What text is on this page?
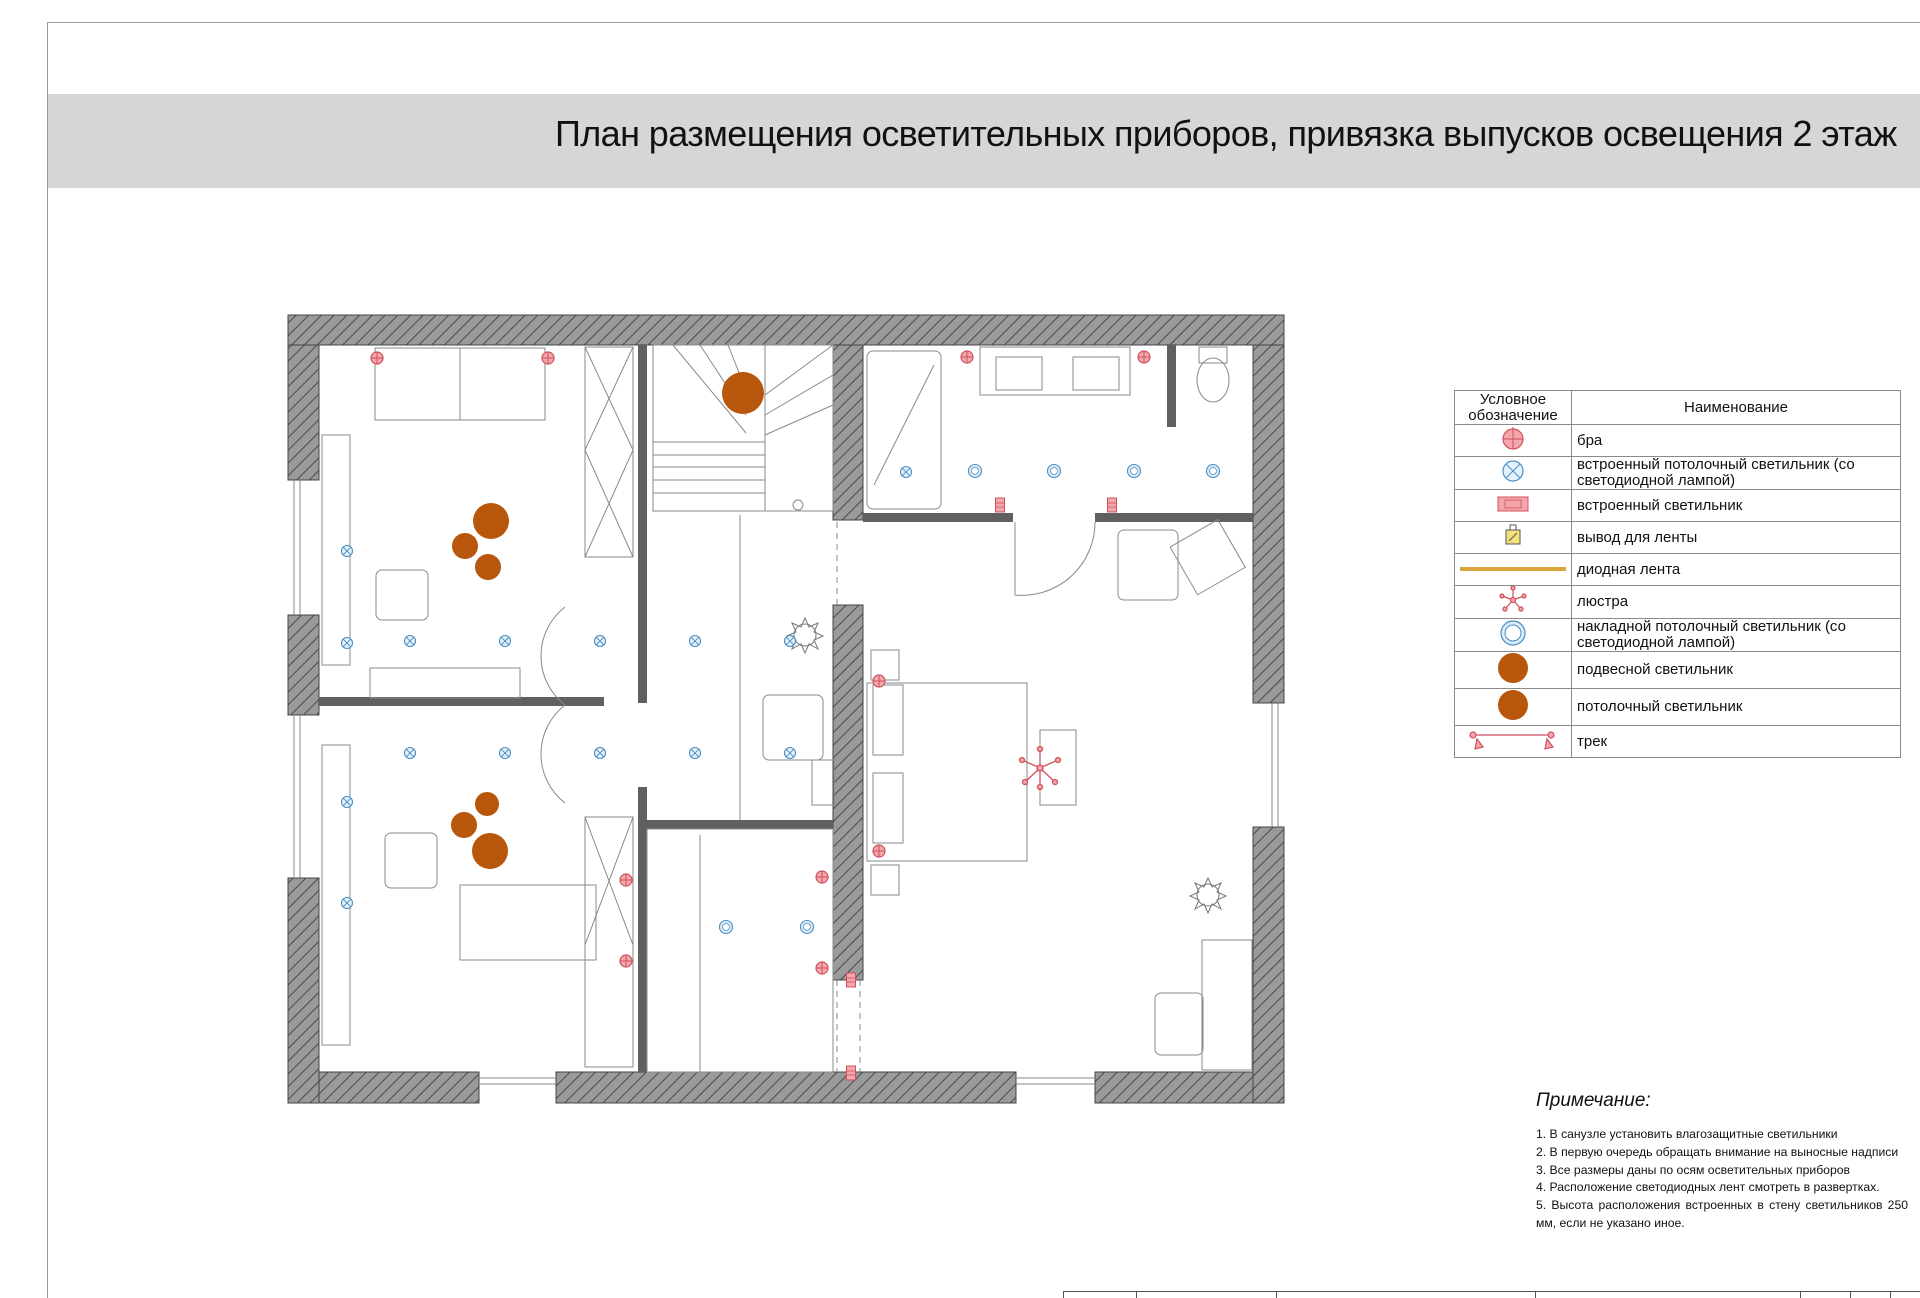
План размещения осветительных приборов, привязка выпусков освещения 2 этаж
Условное обозначение	Наименование
	бра
	встроенный потолочный светильник (со светодиодной лампой)
	встроенный светильник
	вывод для ленты
	диодная лента
	люстра
	накладной потолочный светильник (со светодиодной лампой)
	подвесной светильник
	потолочный светильник
	трек
Примечание:
1. В санузле установить влагозащитные светильники
2. В первую очередь обращать внимание на выносные надписи
3. Все размеры даны по осям осветительных приборов
4. Расположение светодиодных лент смотреть в развертках.
5. Высота расположения встроенных в стену светильников 250 мм, если не указано иное.
